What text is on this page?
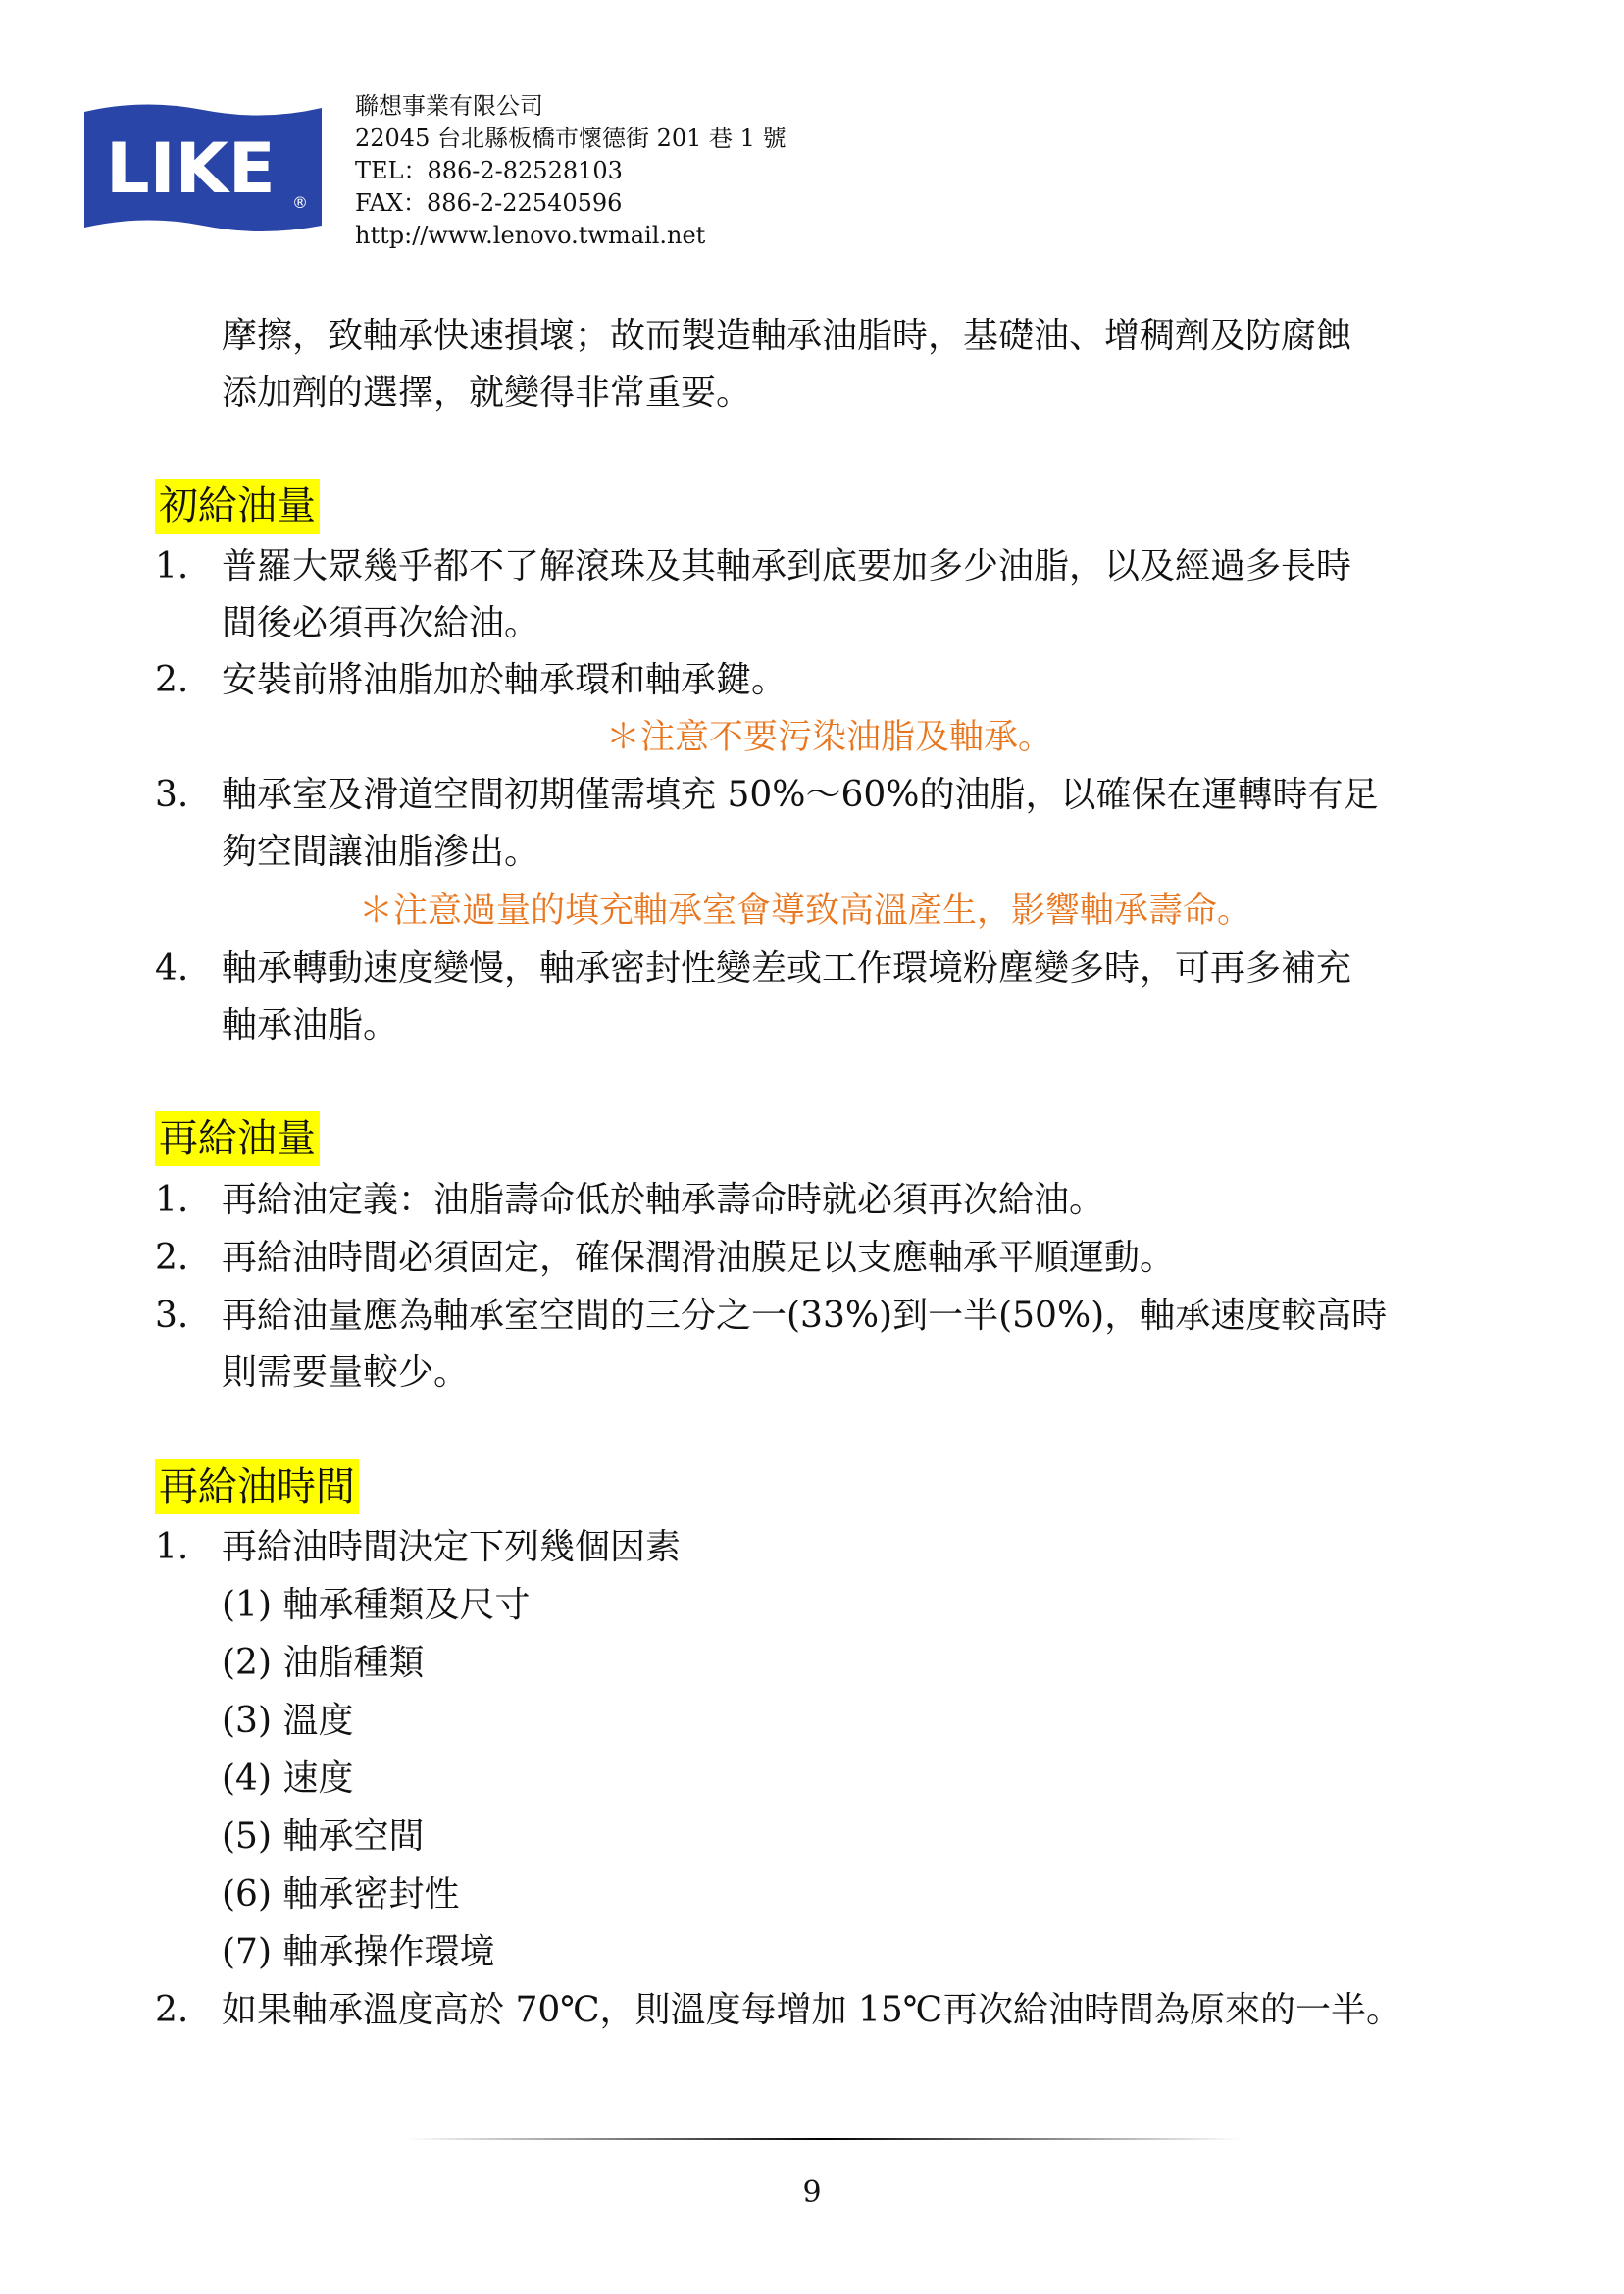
LIKE ®
聯想事業有限公司
22045 台北縣板橋市懷德街 201 巷 1 號
TEL：886-2-82528103
FAX：886-2-22540596
http://www.lenovo.twmail.net
摩擦，致軸承快速損壞；故而製造軸承油脂時，基礎油、增稠劑及防腐蝕
添加劑的選擇，就變得非常重要。
初給油量
1. 普羅大眾幾乎都不了解滾珠及其軸承到底要加多少油脂，以及經過多長時
間後必須再次給油。
2. 安裝前將油脂加於軸承環和軸承鍵。
＊注意不要污染油脂及軸承。
3. 軸承室及滑道空間初期僅需填充 50%～60%的油脂，以確保在運轉時有足
夠空間讓油脂滲出。
＊注意過量的填充軸承室會導致高溫產生，影響軸承壽命。
4. 軸承轉動速度變慢，軸承密封性變差或工作環境粉塵變多時，可再多補充
軸承油脂。
再給油量
1. 再給油定義：油脂壽命低於軸承壽命時就必須再次給油。
2. 再給油時間必須固定，確保潤滑油膜足以支應軸承平順運動。
3. 再給油量應為軸承室空間的三分之一(33%)到一半(50%)，軸承速度較高時
則需要量較少。
再給油時間
1. 再給油時間決定下列幾個因素
(1) 軸承種類及尺寸
(2) 油脂種類
(3) 溫度
(4) 速度
(5) 軸承空間
(6) 軸承密封性
(7) 軸承操作環境
2. 如果軸承溫度高於 70℃，則溫度每增加 15℃再次給油時間為原來的一半。
9
